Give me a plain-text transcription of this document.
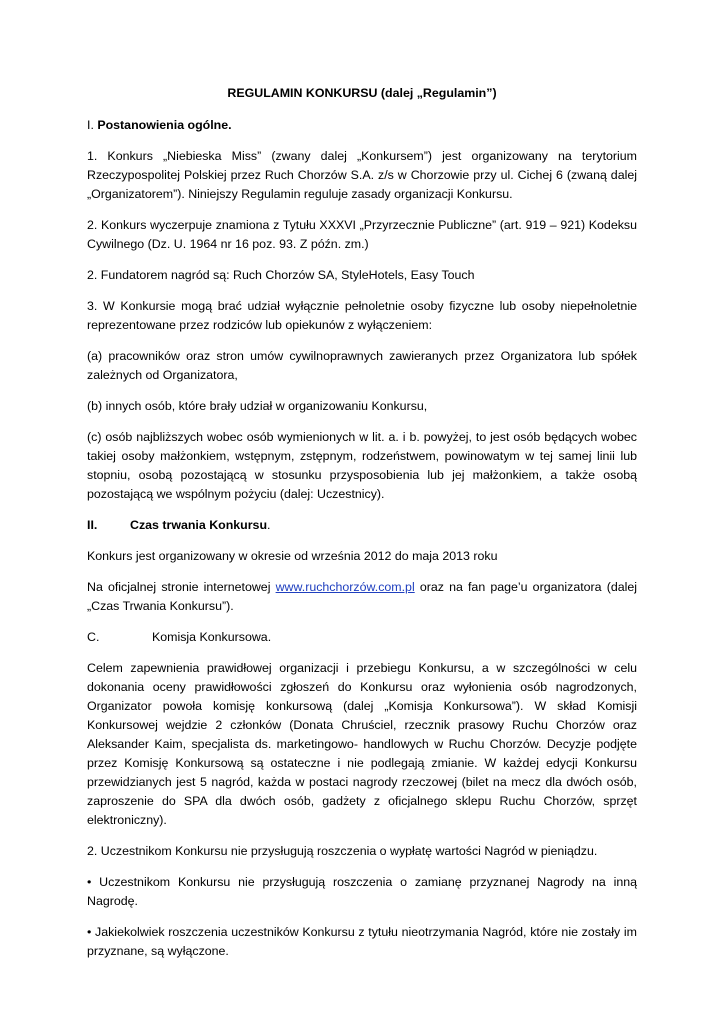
REGULAMIN KONKURSU (dalej „Regulamin”)

I. Postanowienia ogólne.

1. Konkurs „Niebieska Miss” (zwany dalej „Konkursem”) jest organizowany na terytorium Rzeczypospolitej Polskiej przez Ruch Chorzów S.A. z/s w Chorzowie przy ul. Cichej 6 (zwaną dalej „Organizatorem”). Niniejszy Regulamin reguluje zasady organizacji Konkursu.

2. Konkurs wyczerpuje znamiona z Tytułu XXXVI „Przyrzecznie Publiczne” (art. 919 – 921) Kodeksu Cywilnego (Dz. U. 1964 nr 16 poz. 93. Z późn. zm.)

2. Fundatorem nagród są: Ruch Chorzów SA, StyleHotels, Easy Touch

3. W Konkursie mogą brać udział wyłącznie pełnoletnie osoby fizyczne lub osoby niepełnoletnie reprezentowane przez rodziców lub opiekunów z wyłączeniem:

(a) pracowników oraz stron umów cywilnoprawnych zawieranych przez Organizatora lub spółek zależnych od Organizatora,

(b) innych osób, które brały udział w organizowaniu Konkursu,

(c) osób najbliższych wobec osób wymienionych w lit. a. i b. powyżej, to jest osób będących wobec takiej osoby małżonkiem, wstępnym, zstępnym, rodzeństwem, powinowatym w tej samej linii lub stopniu, osobą pozostającą w stosunku przysposobienia lub jej małżonkiem, a także osobą pozostającą we wspólnym pożyciu (dalej: Uczestnicy).

II.	Czas trwania Konkursu.

Konkurs jest organizowany w okresie od września 2012 do maja 2013 roku

Na oficjalnej stronie internetowej www.ruchchorzów.com.pl oraz na fan page’u organizatora (dalej „Czas Trwania Konkursu”).

C.	Komisja Konkursowa.

Celem zapewnienia prawidłowej organizacji i przebiegu Konkursu, a w szczególności w celu dokonania oceny prawidłowości zgłoszeń do Konkursu oraz wyłonienia osób nagrodzonych, Organizator powoła komisję konkursową (dalej „Komisja Konkursowa”). W skład Komisji Konkursowej wejdzie 2 członków (Donata Chruściel, rzecznik prasowy Ruchu Chorzów oraz Aleksander Kaim, specjalista ds. marketingowo- handlowych w Ruchu Chorzów. Decyzje podjęte przez Komisję Konkursową są ostateczne i nie podlegają zmianie. W każdej edycji Konkursu przewidzianych jest 5 nagród, każda w postaci nagrody rzeczowej (bilet na mecz dla dwóch osób, zaproszenie do SPA dla dwóch osób, gadżety z oficjalnego sklepu Ruchu Chorzów, sprzęt elektroniczny).

2. Uczestnikom Konkursu nie przysługują roszczenia o wypłatę wartości Nagród w pieniądzu.

• Uczestnikom Konkursu nie przysługują roszczenia o zamianę przyznanej Nagrody na inną Nagrodę.

• Jakiekolwiek roszczenia uczestników Konkursu z tytułu nieotrzymania Nagród, które nie zostały im przyznane, są wyłączone.
